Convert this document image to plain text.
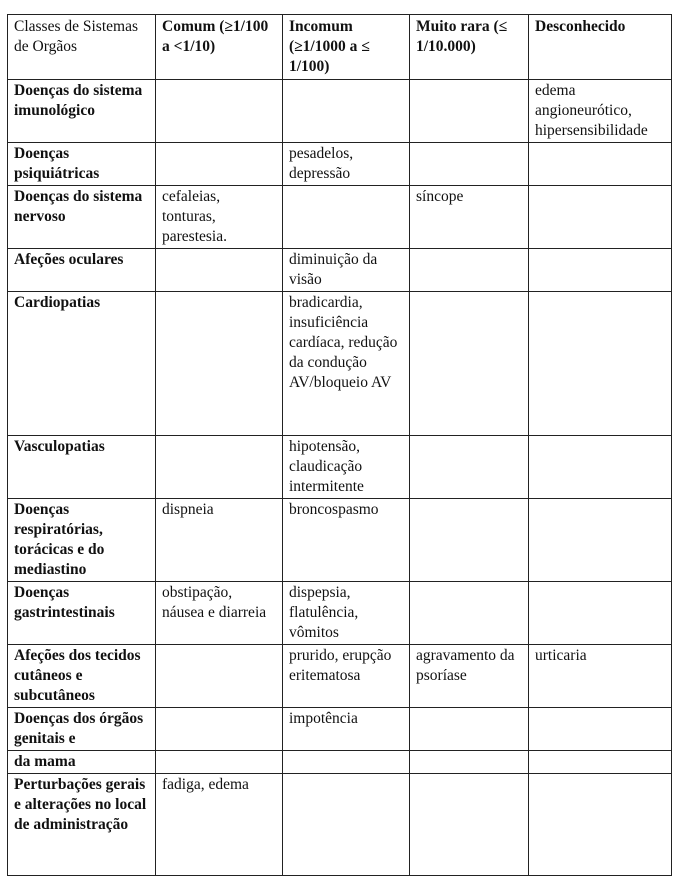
Classes de Sistemas de Orgãos	Comum (≥1/100 a <1/10)	Incomum (≥1/1000 a ≤ 1/100)	Muito rara (≤ 1/10.000)	Desconhecido
Doenças do sistema imunológico				edema angioneurótico, hipersensibilidade
Doenças psiquiátricas		pesadelos, depressão		
Doenças do sistema nervoso	cefaleias, tonturas, parestesia.		síncope	
Afeções oculares		diminuição da visão		
Cardiopatias		bradicardia, insuficiência cardíaca, redução da condução AV/bloqueio AV		
Vasculopatias		hipotensão, claudicação intermitente		
Doenças respiratórias, torácicas e do mediastino	dispneia	broncospasmo		
Doenças gastrintestinais	obstipação, náusea e diarreia	dispepsia, flatulência, vômitos		
Afeções dos tecidos cutâneos e subcutâneos		prurido, erupção eritematosa	agravamento da psoríase	urticaria
Doenças dos órgãos genitais e		impotência		
da mama				
Perturbações gerais e alterações no local de administração	fadiga, edema			
